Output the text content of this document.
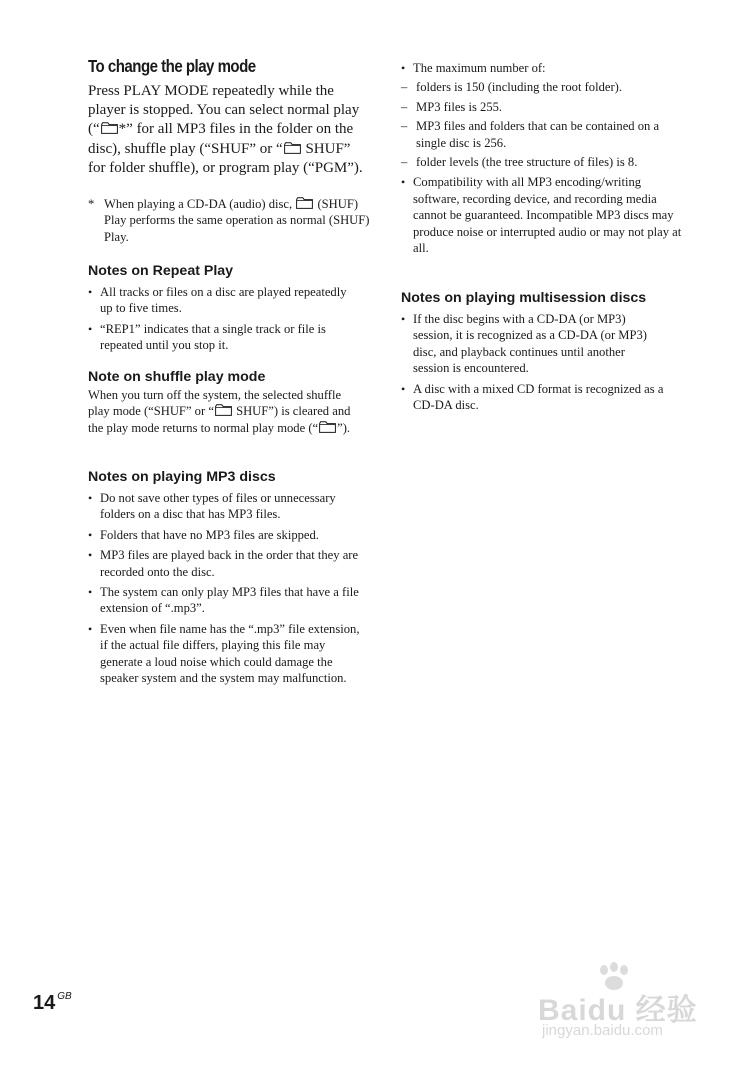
To change the play mode

Press PLAY MODE repeatedly while the player is stopped. You can select normal play (“ *” for all MP3 files in the folder on the disc), shuffle play (“SHUF” or “
SHUF” for folder shuffle), or program play (“PGM”).

* When playing a CD-DA (audio) disc,
(SHUF) Play performs the same operation as normal (SHUF) Play.
Notes on Repeat Play
• All tracks or files on a disc are played repeatedly up to five times.
• “REP1” indicates that a single track or file is repeated until you stop it.
Note on shuffle play mode

When you turn off the system, the selected shuffle play mode (“SHUF” or “
SHUF”) is cleared and the play mode returns to normal play mode (“ ”).

Notes on playing MP3 discs
• Do not save other types of files or unnecessary folders on a disc that has MP3 files.
• Folders that have no MP3 files are skipped.
• MP3 files are played back in the order that they are recorded onto the disc.
• The system can only play MP3 files that have a file extension of “.mp3”.
• Even when file name has the “.mp3” file extension, if the actual file differs, playing this file may generate a loud noise which could damage the speaker system and the system may malfunction.
• The maximum number of:
– folders is 150 (including the root folder).
– MP3 files is 255.
– MP3 files and folders that can be contained on a single disc is 256.
– folder levels (the tree structure of files) is 8.
• Compatibility with all MP3 encoding/writing software, recording device, and recording media cannot be guaranteed. Incompatible MP3 discs may produce noise or interrupted audio or may not play at all.
Notes on playing multisession discs
• If the disc begins with a CD-DA (or MP3) session, it is recognized as a CD-DA (or MP3) disc, and playback continues until another session is encountered.
• A disc with a mixed CD format is recognized as a CD-DA disc.
14 $^{GB}$	Baidu 经验
jingyan.baidu.com
